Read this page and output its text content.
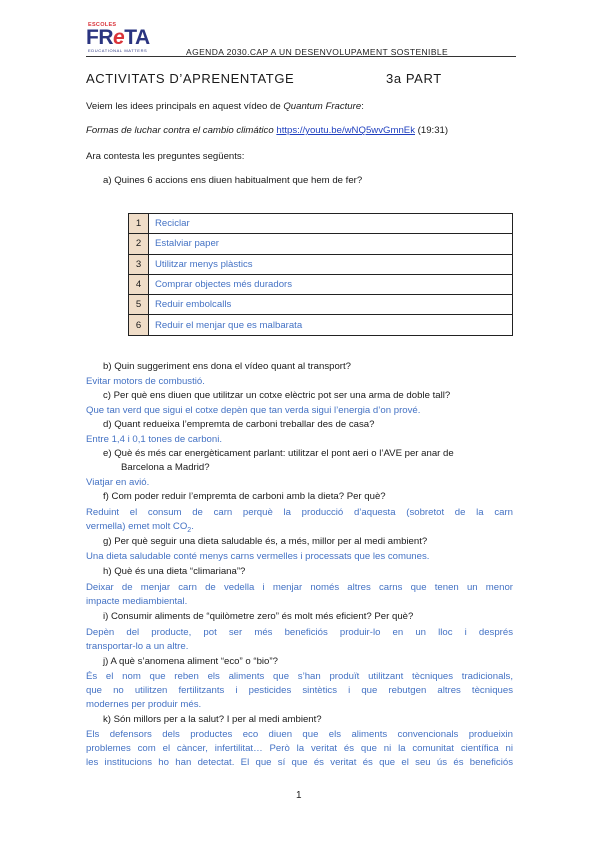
ESCOLES
FReTA
EDUCATIONAL MATTERS	AGENDA 2030.CAP A UN DESENVOLUPAMENT SOSTENIBLE
ACTIVITATS D’APRENENTATGE	3a PART
Veiem les idees principals en aquest vídeo de Quantum Fracture:
Formas de luchar contra el cambio climático https://youtu.be/wNQ5wvGmnEk (19:31)
Ara contesta les preguntes següents:
a) Quines 6 accions ens diuen habitualment que hem de fer?
1	Reciclar
2	Estalviar paper
3	Utilitzar menys plàstics
4	Comprar objectes més duradors
5	Reduir embolcalls
6	Reduir el menjar que es malbarata
b) Quin suggeriment ens dona el vídeo quant al transport?
Evitar motors de combustió.
c) Per què ens diuen que utilitzar un cotxe elèctric pot ser una arma de doble tall?
Que tan verd que sigui el cotxe depèn que tan verda sigui l’energia d’on prové.
d) Quant redueixa l’empremta de carboni treballar des de casa?
Entre 1,4 i 0,1 tones de carboni.
e) Què és més car energèticament parlant: utilitzar el pont aeri o l’AVE per anar de
Barcelona a Madrid?
Viatjar en avió.
f) Com poder reduir l’empremta de carboni amb la dieta? Per què?
Reduint el consum de carn perquè la producció d’aquesta (sobretot de la carn
vermella) emet molt $CO_2$.
g) Per què seguir una dieta saludable és, a més, millor per al medi ambient?
Una dieta saludable conté menys carns vermelles i processats que les comunes.
h) Què és una dieta “climariana”?
Deixar de menjar carn de vedella i menjar només altres carns que tenen un menor
impacte mediambiental.
i) Consumir aliments de “quilòmetre zero” és molt més eficient? Per què?
Depèn del producte, pot ser més beneficiós produir-lo en un lloc i després
transportar-lo a un altre.
j) A què s’anomena aliment “eco” o “bio”?
És el nom que reben els aliments que s’han produït utilitzant tècniques tradicionals,
que no utilitzen fertilitzants i pesticides sintètics i que rebutgen altres tècniques
modernes per produir més.
k) Són millors per a la salut? I per al medi ambient?
Els defensors dels productes eco diuen que els aliments convencionals produeixin
problemes com el càncer, infertilitat… Però la veritat és que ni la comunitat científica ni
les institucions ho han detectat. El que sí que és veritat és que el seu ús és beneficiós
1
